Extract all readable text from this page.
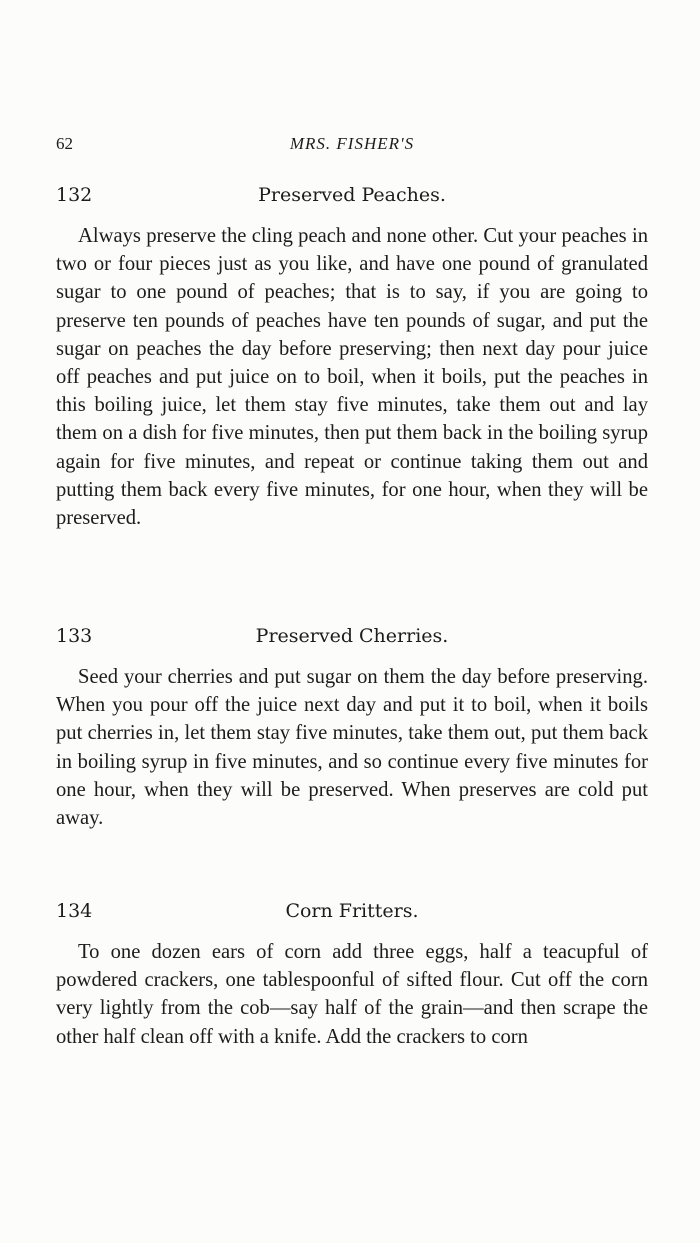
62	MRS. FISHER'S
132	Preserved Peaches.

Always preserve the cling peach and none other. Cut your peaches in two or four pieces just as you like, and have one pound of granulated sugar to one pound of peaches; that is to say, if you are going to preserve ten pounds of peaches have ten pounds of sugar, and put the sugar on peaches the day before preserving; then next day pour juice off peaches and put juice on to boil, when it boils, put the peaches in this boiling juice, let them stay five minutes, take them out and lay them on a dish for five minutes, then put them back in the boiling syrup again for five minutes, and repeat or continue taking them out and putting them back every five minutes, for one hour, when they will be preserved.

133	Preserved Cherries.

Seed your cherries and put sugar on them the day before preserving. When you pour off the juice next day and put it to boil, when it boils put cherries in, let them stay five minutes, take them out, put them back in boiling syrup in five minutes, and so continue every five minutes for one hour, when they will be preserved. When preserves are cold put away.

134	Corn Fritters.

To one dozen ears of corn add three eggs, half a teacupful of powdered crackers, one tablespoonful of sifted flour. Cut off the corn very lightly from the cob—say half of the grain—and then scrape the other half clean off with a knife. Add the crackers to corn
